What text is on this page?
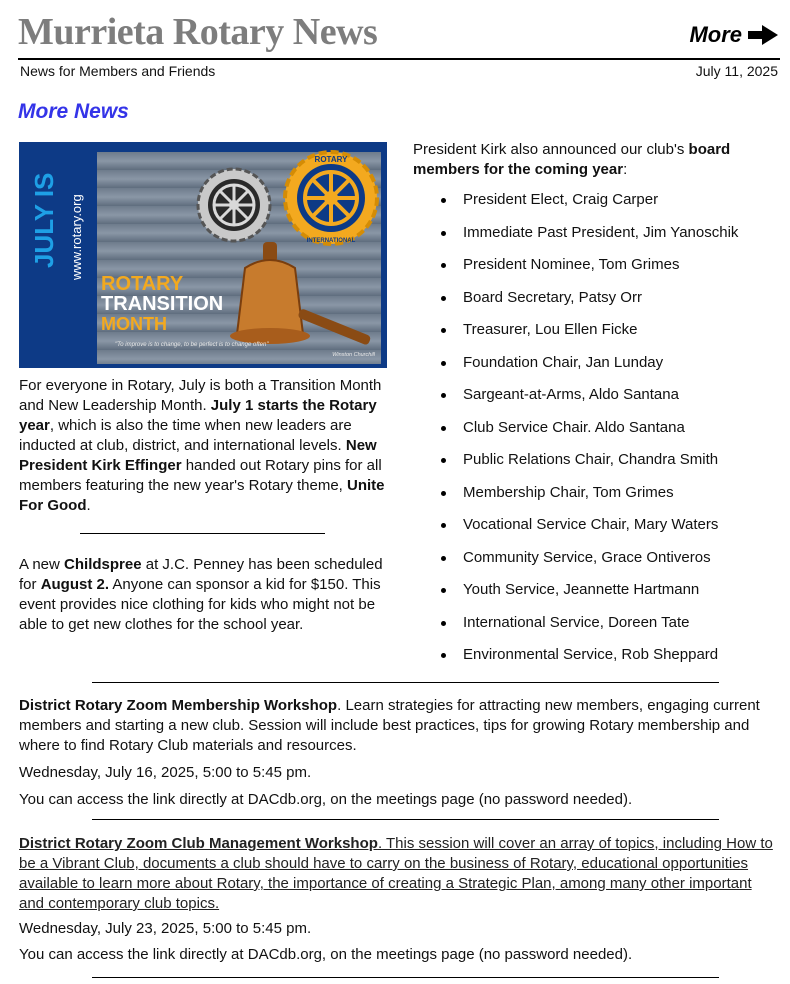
Murrieta Rotary News	More
News for Members and Friends	July 11, 2025
More News
JULY IS www.rotary.org
ROTARY
INTERNATIONAL
ROTARY
TRANSITION
MONTH
"To improve is to change, to be perfect is to change often"
Winston Churchill

For everyone in Rotary, July is both a Transition Month and New Leadership Month. July 1 starts the Rotary year, which is also the time when new leaders are inducted at club, district, and international levels. New President Kirk Effinger handed out Rotary pins for all members featuring the new year's Rotary theme, Unite For Good.

A new Childspree at J.C. Penney has been scheduled for August 2. Anyone can sponsor a kid for $150. This event provides nice clothing for kids who might not be able to get new clothes for the school year.

President Kirk also announced our club's board members for the coming year:

President Elect, Craig Carper
Immediate Past President, Jim Yanoschik
President Nominee, Tom Grimes
Board Secretary, Patsy Orr
Treasurer, Lou Ellen Ficke
Foundation Chair, Jan Lunday
Sargeant-at-Arms, Aldo Santana
Club Service Chair. Aldo Santana
Public Relations Chair, Chandra Smith
Membership Chair, Tom Grimes
Vocational Service Chair, Mary Waters
Community Service, Grace Ontiveros
Youth Service, Jeannette Hartmann
International Service, Doreen Tate
Environmental Service, Rob Sheppard

District Rotary Zoom Membership Workshop. Learn strategies for attracting new members, engaging current members and starting a new club. Session will include best practices, tips for growing Rotary membership and where to find Rotary Club materials and resources.

Wednesday, July 16, 2025, 5:00 to 5:45 pm.

You can access the link directly at DACdb.org, on the meetings page (no password needed).

District Rotary Zoom Club Management Workshop. This session will cover an array of topics, including How to be a Vibrant Club, documents a club should have to carry on the business of Rotary, educational opportunities available to learn more about Rotary, the importance of creating a Strategic Plan, among many other important and contemporary club topics.

Wednesday, July 23, 2025, 5:00 to 5:45 pm.

You can access the link directly at DACdb.org, on the meetings page (no password needed).
